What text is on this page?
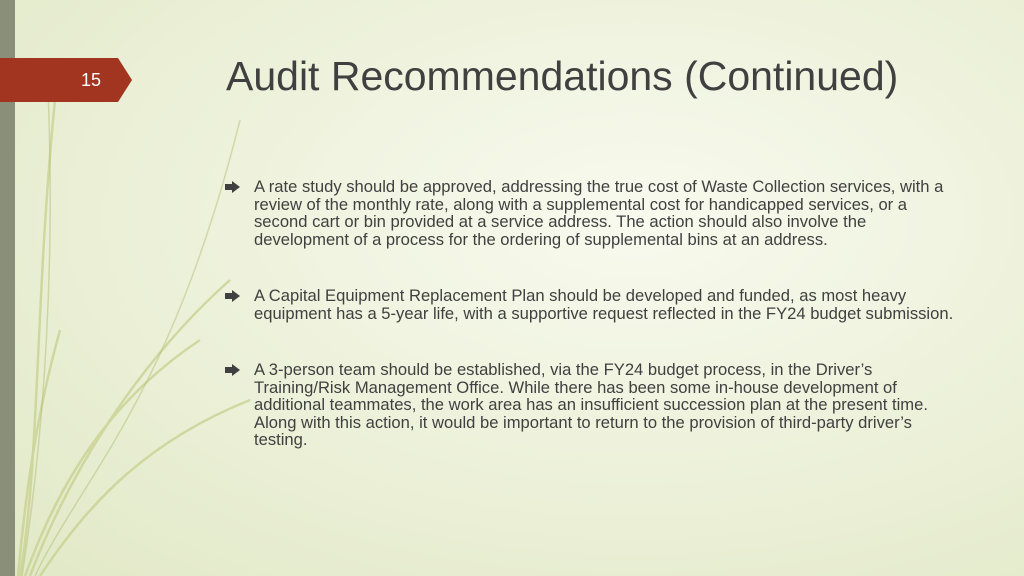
15	Audit Recommendations (Continued)
A rate study should be approved, addressing the true cost of Waste Collection services, with a review of the monthly rate, along with a supplemental cost for handicapped services, or a second cart or bin provided at a service address. The action should also involve the development of a process for the ordering of supplemental bins at an address.
A Capital Equipment Replacement Plan should be developed and funded, as most heavy equipment has a 5-year life, with a supportive request reflected in the FY24 budget submission.
A 3-person team should be established, via the FY24 budget process, in the Driver’s Training/Risk Management Office. While there has been some in-house development of additional teammates, the work area has an insufficient succession plan at the present time. Along with this action, it would be important to return to the provision of third-party driver’s testing.
